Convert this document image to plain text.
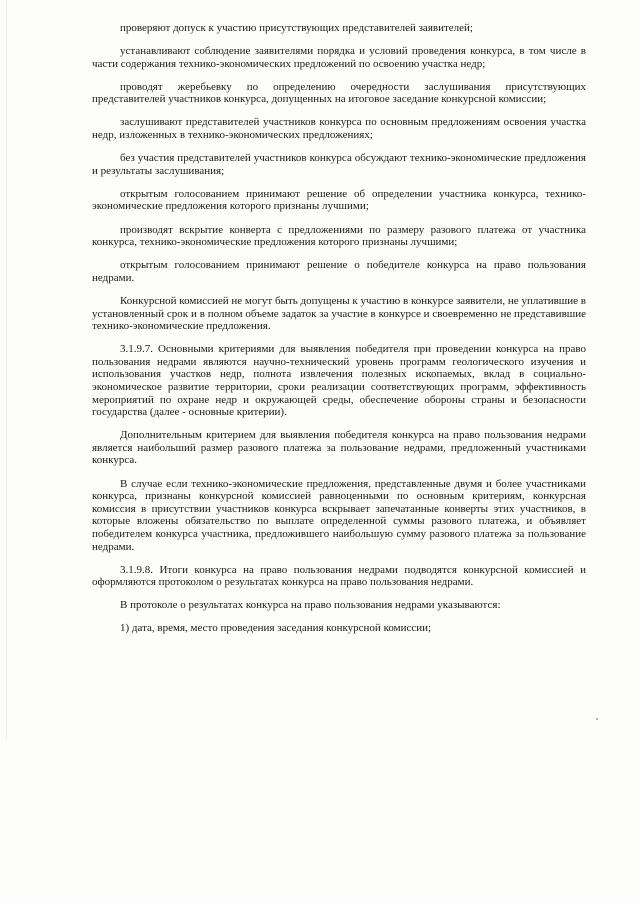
проверяют допуск к участию присутствующих представителей заявителей;

устанавливают соблюдение заявителями порядка и условий проведения конкурса, в том числе в части содержания технико-экономических предложений по освоению участка недр;

проводят жеребьевку по определению очередности заслушивания присутствующих представителей участников конкурса, допущенных на итоговое заседание конкурсной комиссии;

заслушивают представителей участников конкурса по основным предложениям освоения участка недр, изложенных в технико-экономических предложениях;

без участия представителей участников конкурса обсуждают технико-экономические предложения и результаты заслушивания;

открытым голосованием принимают решение об определении участника конкурса, технико-экономические предложения которого признаны лучшими;

производят вскрытие конверта с предложениями по размеру разового платежа от участника конкурса, технико-экономические предложения которого признаны лучшими;

открытым голосованием принимают решение о победителе конкурса на право пользования недрами.

Конкурсной комиссией не могут быть допущены к участию в конкурсе заявители, не уплатившие в установленный срок и в полном объеме задаток за участие в конкурсе и своевременно не представившие технико-экономические предложения.

3.1.9.7. Основными критериями для выявления победителя при проведении конкурса на право пользования недрами являются научно-технический уровень программ геологического изучения и использования участков недр, полнота извлечения полезных ископаемых, вклад в социально-экономическое развитие территории, сроки реализации соответствующих программ, эффективность мероприятий по охране недр и окружающей среды, обеспечение обороны страны и безопасности государства (далее - основные критерии).

Дополнительным критерием для выявления победителя конкурса на право пользования недрами является наибольший размер разового платежа за пользование недрами, предложенный участниками конкурса.

В случае если технико-экономические предложения, представленные двумя и более участниками конкурса, признаны конкурсной комиссией равноценными по основным критериям, конкурсная комиссия в присутствии участников конкурса вскрывает запечатанные конверты этих участников, в которые вложены обязательство по выплате определенной суммы разового платежа, и объявляет победителем конкурса участника, предложившего наибольшую сумму разового платежа за пользование недрами.

3.1.9.8. Итоги конкурса на право пользования недрами подводятся конкурсной комиссией и оформляются протоколом о результатах конкурса на право пользования недрами.

В протоколе о результатах конкурса на право пользования недрами указываются:

1) дата, время, место проведения заседания конкурсной комиссии;
